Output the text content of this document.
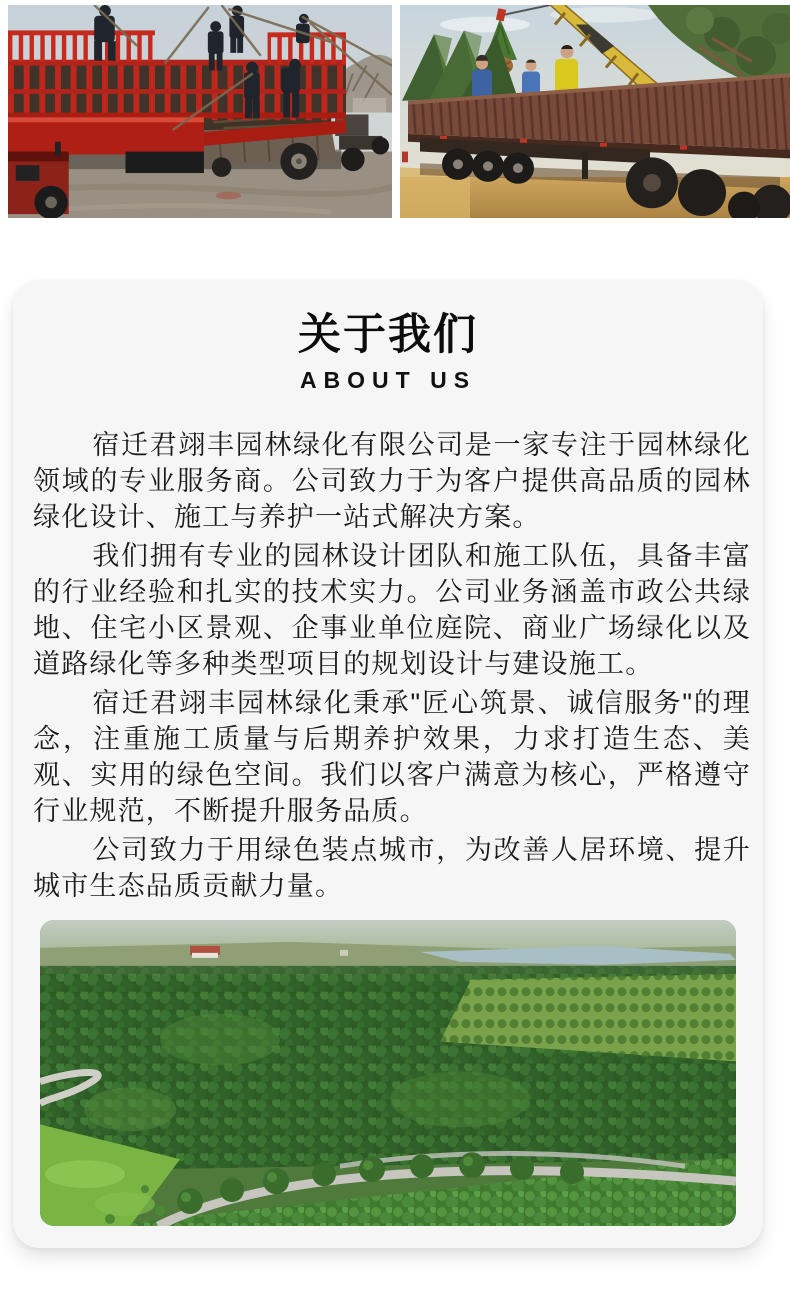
关于我们
ABOUT US

宿迁君翊丰园林绿化有限公司是一家专注于园林绿化领域的专业服务商。公司致力于为客户提供高品质的园林绿化设计、施工与养护一站式解决方案。

我们拥有专业的园林设计团队和施工队伍，具备丰富的行业经验和扎实的技术实力。公司业务涵盖市政公共绿地、住宅小区景观、企事业单位庭院、商业广场绿化以及道路绿化等多种类型项目的规划设计与建设施工。

宿迁君翊丰园林绿化秉承"匠心筑景、诚信服务"的理念，注重施工质量与后期养护效果，力求打造生态、美观、实用的绿色空间。我们以客户满意为核心，严格遵守行业规范，不断提升服务品质。

公司致力于用绿色装点城市，为改善人居环境、提升城市生态品质贡献力量。
